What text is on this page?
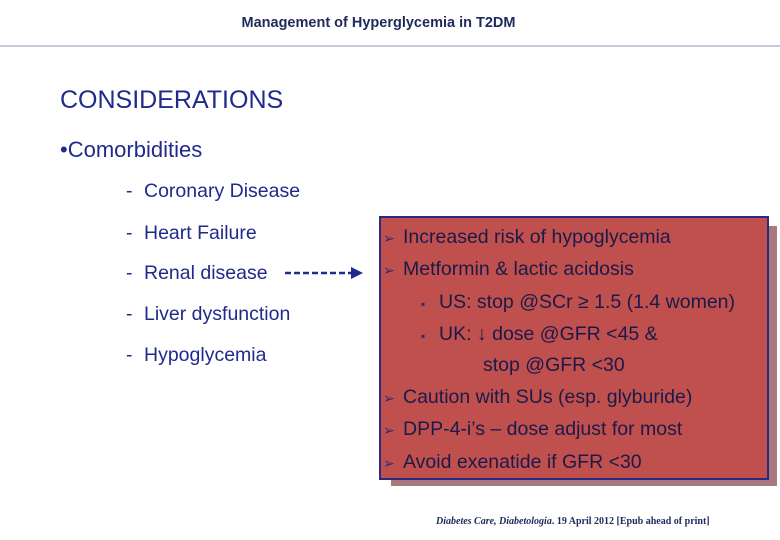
Management of Hyperglycemia in T2DM
CONSIDERATIONS
•Comorbidities
- Coronary Disease
- Heart Failure
- Renal disease
- Liver dysfunction
- Hypoglycemia
➢ Increased risk of hypoglycemia
➢ Metformin & lactic acidosis
▪ US: stop @SCr ≥ 1.5 (1.4 women)
▪ UK: ↓ dose @GFR <45 &
stop @GFR <30
➢ Caution with SUs (esp. glyburide)
➢ DPP-4-i’s – dose adjust for most
➢ Avoid exenatide if GFR <30
Diabetes Care, Diabetologia. 19 April 2012 [Epub ahead of print]
